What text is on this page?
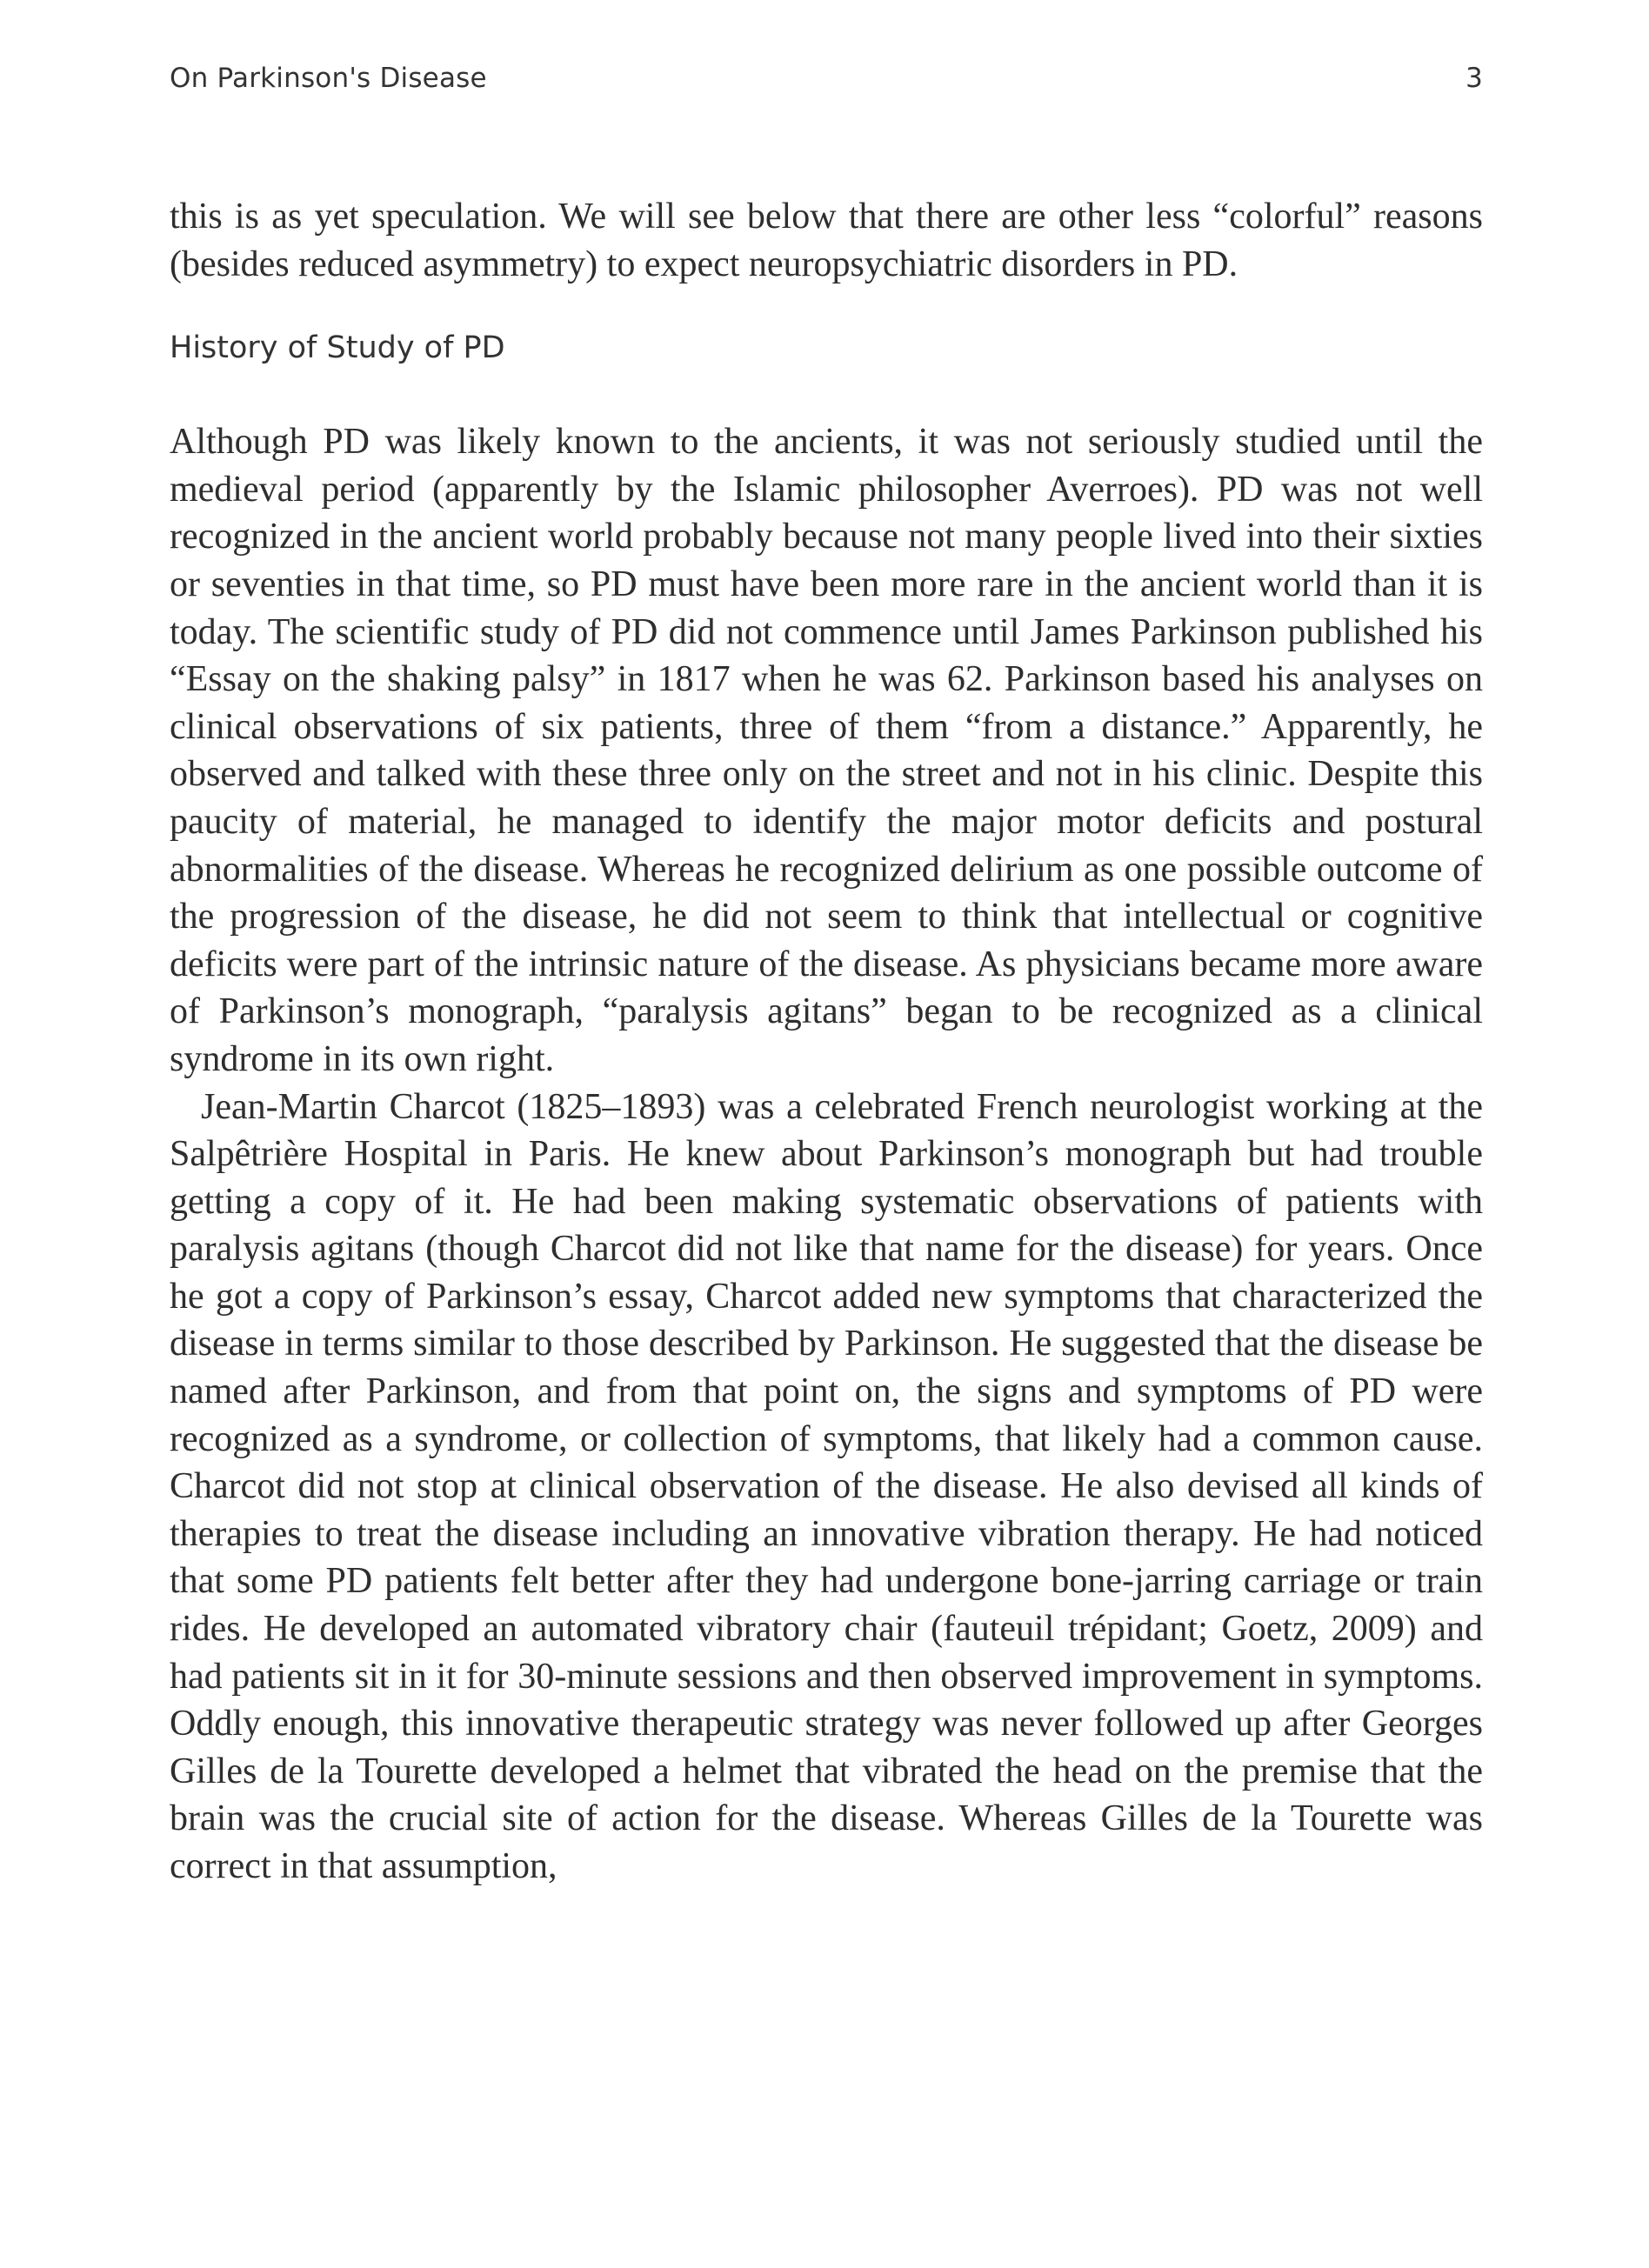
On Parkinson's Disease	3

this is as yet speculation. We will see below that there are other less “colorful” reasons (besides reduced asymmetry) to expect neuropsychiatric disorders in PD.

History of Study of PD

Although PD was likely known to the ancients, it was not seriously studied until the medieval period (apparently by the Islamic philosopher Averroes). PD was not well recognized in the ancient world probably because not many people lived into their sixties or seventies in that time, so PD must have been more rare in the ancient world than it is today. The scientific study of PD did not commence until James Parkinson published his “Essay on the shaking palsy” in 1817 when he was 62. Parkinson based his analyses on clinical observations of six patients, three of them “from a distance.” Apparently, he observed and talked with these three only on the street and not in his clinic. Despite this paucity of material, he managed to identify the major motor deficits and postural abnormalities of the disease. Whereas he recognized delirium as one possible outcome of the progression of the disease, he did not seem to think that intellectual or cognitive deficits were part of the intrinsic nature of the disease. As physicians became more aware of Parkinson’s monograph, “paralysis agitans” began to be recognized as a clinical syndrome in its own right.

Jean-Martin Charcot (1825–1893) was a celebrated French neurologist working at the Salpêtrière Hospital in Paris. He knew about Parkinson’s monograph but had trouble getting a copy of it. He had been making systematic observations of patients with paralysis agitans (though Charcot did not like that name for the disease) for years. Once he got a copy of Parkinson’s essay, Charcot added new symptoms that characterized the disease in terms similar to those described by Parkinson. He suggested that the disease be named after Parkinson, and from that point on, the signs and symptoms of PD were recognized as a syndrome, or collection of symptoms, that likely had a common cause. Charcot did not stop at clinical observation of the disease. He also devised all kinds of therapies to treat the disease including an innovative vibration therapy. He had noticed that some PD patients felt better after they had undergone bone-jarring carriage or train rides. He developed an automated vibratory chair (fauteuil trépidant; Goetz, 2009) and had patients sit in it for 30-minute sessions and then observed improvement in symptoms. Oddly enough, this innovative therapeutic strategy was never followed up after Georges Gilles de la Tourette developed a helmet that vibrated the head on the premise that the brain was the crucial site of action for the disease. Whereas Gilles de la Tourette was correct in that assumption,
